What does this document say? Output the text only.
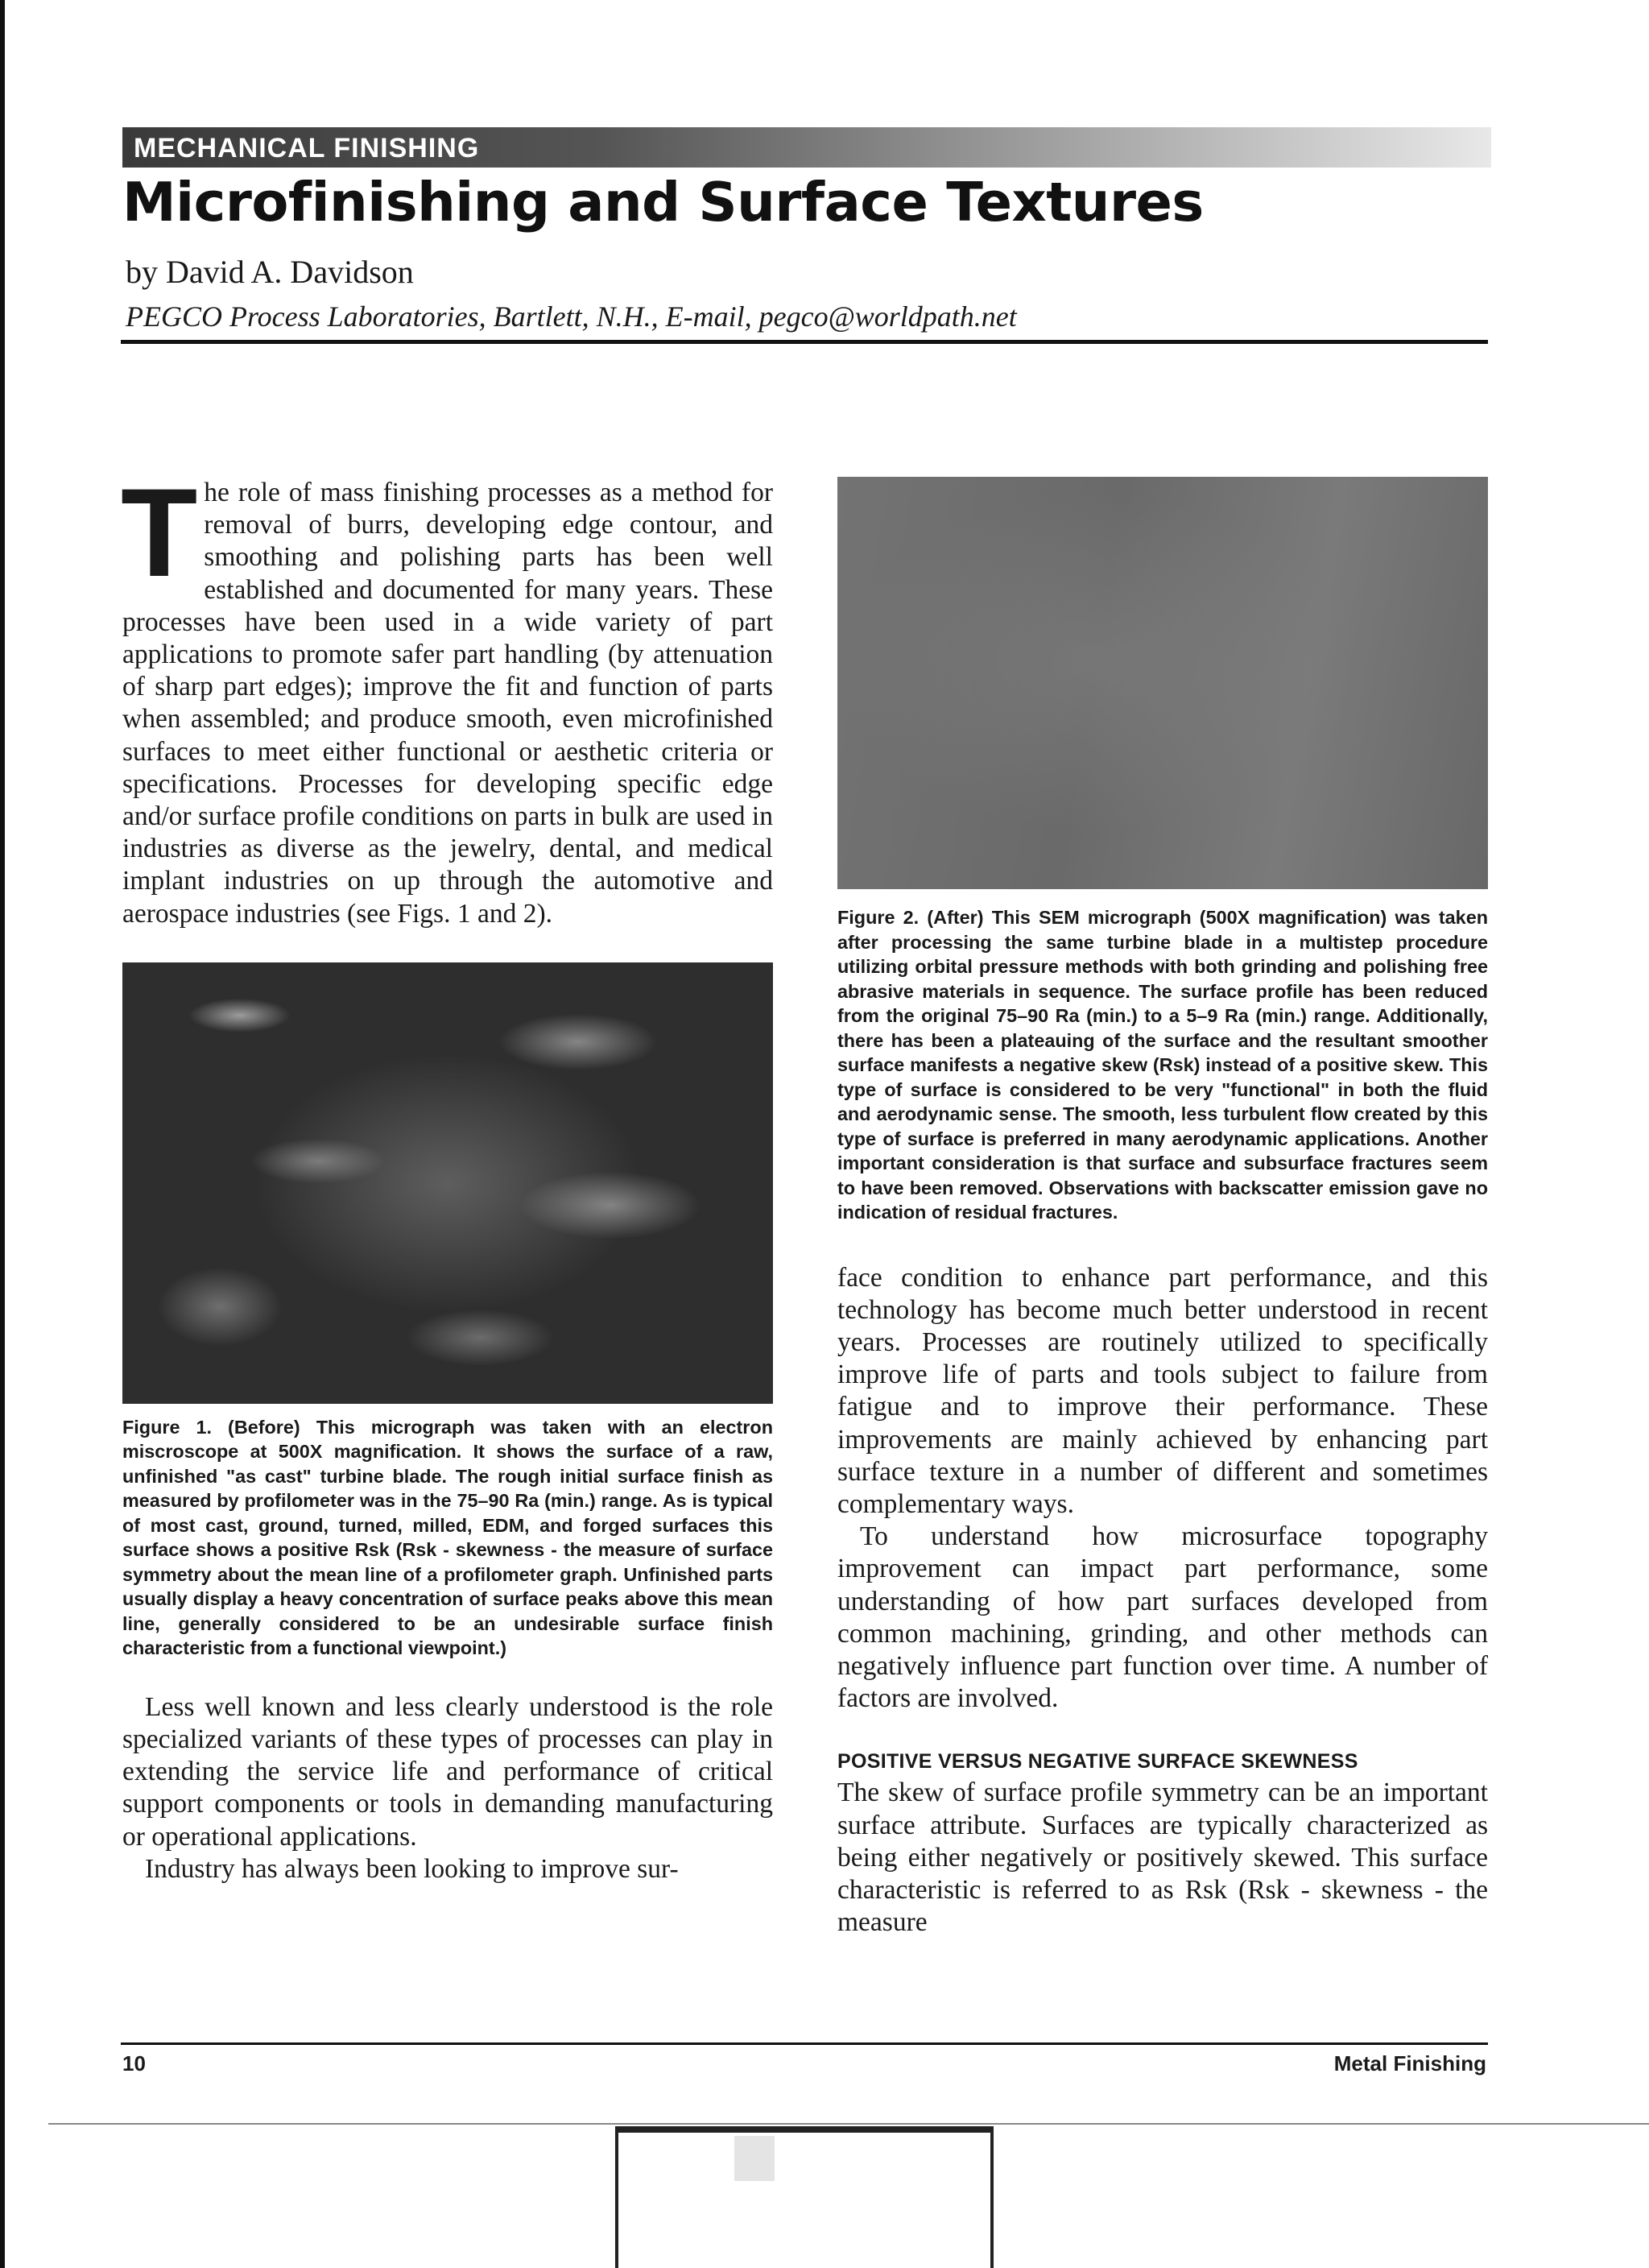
MECHANICAL FINISHING
Microfinishing and Surface Textures
by David A. Davidson
PEGCO Process Laboratories, Bartlett, N.H., E-mail, pegco@worldpath.net

The role of mass finishing processes as a method for removal of burrs, developing edge contour, and smoothing and polishing parts has been well established and documented for many years. These processes have been used in a wide variety of part applications to promote safer part handling (by attenuation of sharp part edges); improve the fit and function of parts when assembled; and produce smooth, even microfinished surfaces to meet either functional or aesthetic criteria or specifications. Processes for developing specific edge and/or surface profile conditions on parts in bulk are used in industries as diverse as the jewelry, dental, and medical implant industries on up through the automotive and aerospace industries (see Figs. 1 and 2).

Figure 1. (Before) This micrograph was taken with an electron miscroscope at 500X magnification. It shows the surface of a raw, unfinished "as cast" turbine blade. The rough initial surface finish as measured by profilometer was in the 75–90 Ra (min.) range. As is typical of most cast, ground, turned, milled, EDM, and forged surfaces this surface shows a positive Rsk (Rsk - skewness - the measure of surface symmetry about the mean line of a profilometer graph. Unfinished parts usually display a heavy concentration of surface peaks above this mean line, generally considered to be an undesirable surface finish characteristic from a functional viewpoint.)

Less well known and less clearly understood is the role specialized variants of these types of processes can play in extending the service life and performance of critical support components or tools in demanding manufacturing or operational applications.

Industry has always been looking to improve sur-

Figure 2. (After) This SEM micrograph (500X magnification) was taken after processing the same turbine blade in a multistep procedure utilizing orbital pressure methods with both grinding and polishing free abrasive materials in sequence. The surface profile has been reduced from the original 75–90 Ra (min.) to a 5–9 Ra (min.) range. Additionally, there has been a plateauing of the surface and the resultant smoother surface manifests a negative skew (Rsk) instead of a positive skew. This type of surface is considered to be very "functional" in both the fluid and aerodynamic sense. The smooth, less turbulent flow created by this type of surface is preferred in many aerodynamic applications. Another important consideration is that surface and subsurface fractures seem to have been removed. Observations with backscatter emission gave no indication of residual fractures.

face condition to enhance part performance, and this technology has become much better understood in recent years. Processes are routinely utilized to specifically improve life of parts and tools subject to failure from fatigue and to improve their performance. These improvements are mainly achieved by enhancing part surface texture in a number of different and sometimes complementary ways.

To understand how microsurface topography improvement can impact part performance, some understanding of how part surfaces developed from common machining, grinding, and other methods can negatively influence part function over time. A number of factors are involved.

POSITIVE VERSUS NEGATIVE SURFACE SKEWNESS

The skew of surface profile symmetry can be an important surface attribute. Surfaces are typically characterized as being either negatively or positively skewed. This surface characteristic is referred to as Rsk (Rsk - skewness - the measure

10	Metal Finishing
